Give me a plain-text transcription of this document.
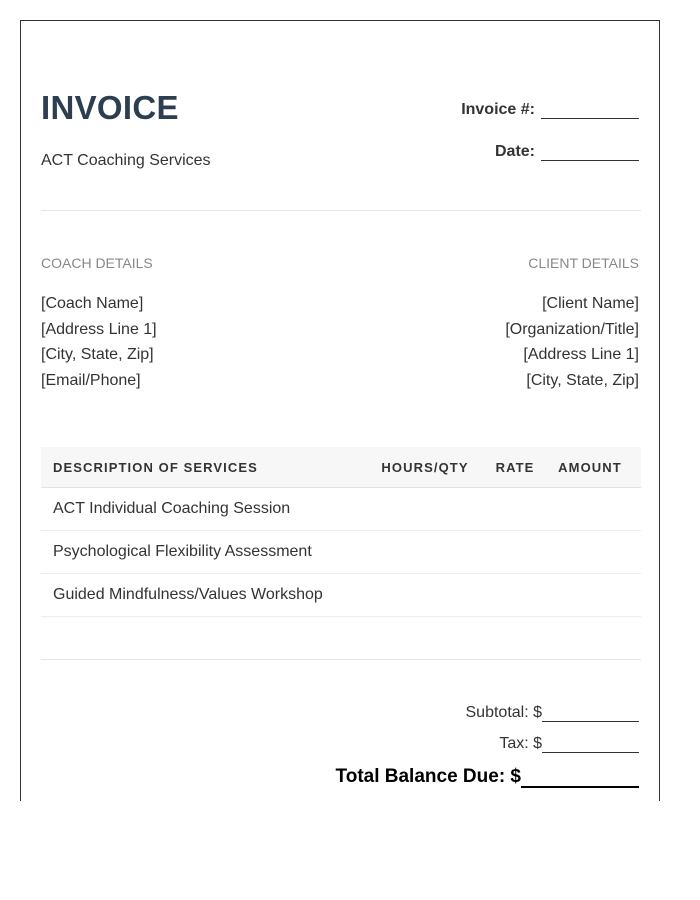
INVOICE
ACT Coaching Services
Invoice #:
Date:
COACH DETAILS	CLIENT DETAILS
[Coach Name]
[Address Line 1]
[City, State, Zip]
[Email/Phone]
[Client Name]
[Organization/Title]
[Address Line 1]
[City, State, Zip]
DESCRIPTION OF SERVICES	HOURS/QTY	RATE	AMOUNT
ACT Individual Coaching Session
Psychological Flexibility Assessment
Guided Mindfulness/Values Workshop
Subtotal: $
Tax: $
Total Balance Due: $
